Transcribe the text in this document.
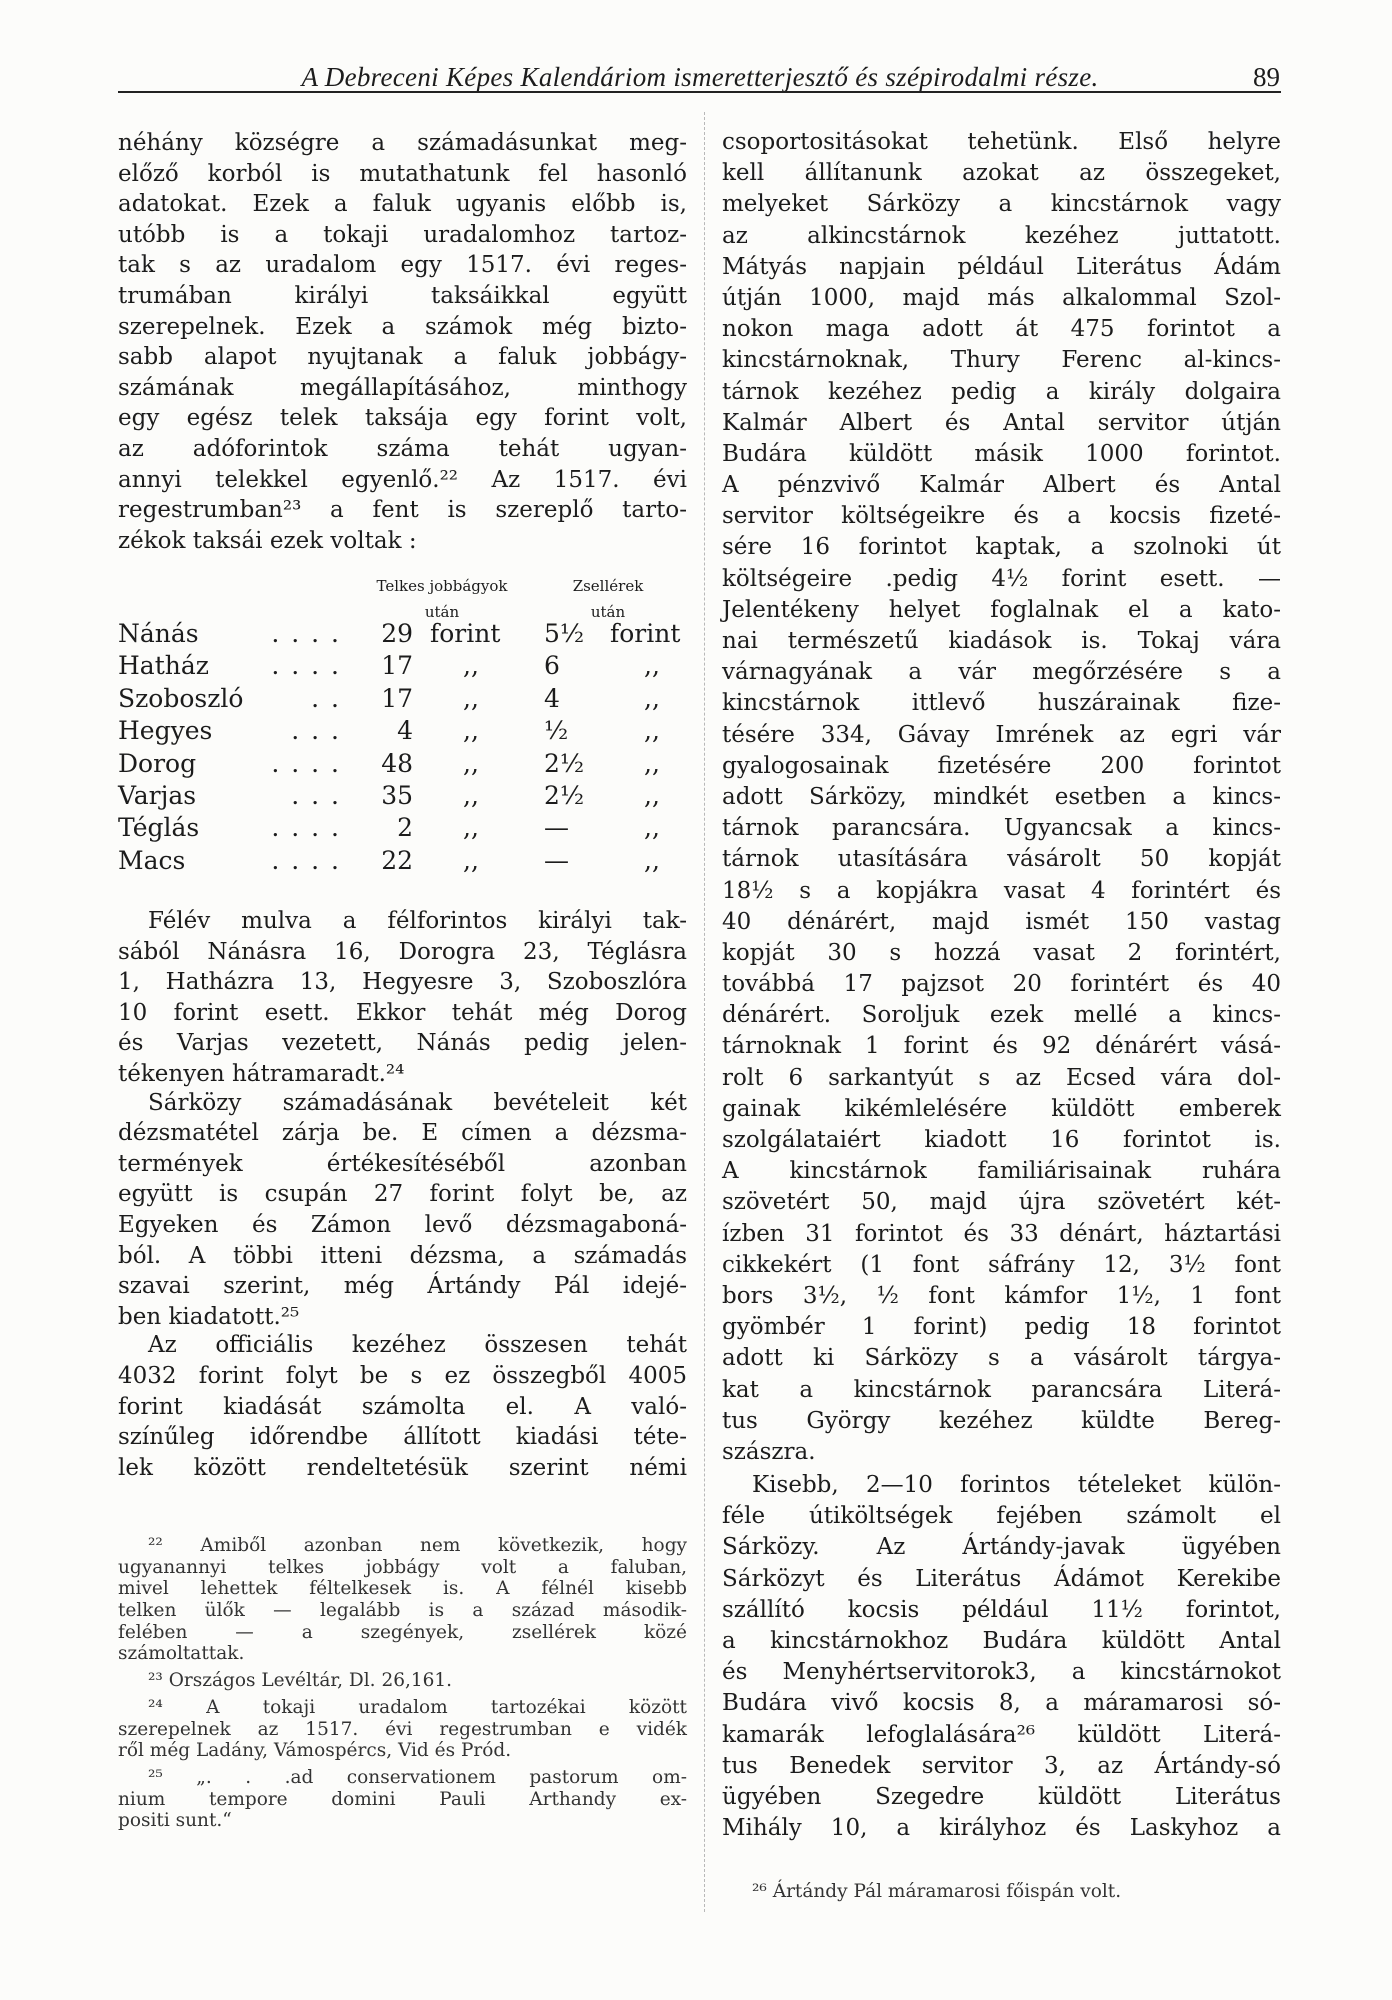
A Debreceni Képes Kalendáriom ismeretterjesztő és szépirodalmi része.	89
néhány községre a számadásunkat meg-
előző korból is mutathatunk fel hasonló
adatokat. Ezek a faluk ugyanis előbb is,
utóbb is a tokaji uradalomhoz tartoz-
tak s az uradalom egy 1517. évi reges-
trumában királyi taksáikkal együtt
szerepelnek. Ezek a számok még bizto-
sabb alapot nyujtanak a faluk jobbágy-
számának megállapításához, minthogy
egy egész telek taksája egy forint volt,
az adóforintok száma tehát ugyan-
annyi telekkel egyenlő.²² Az 1517. évi
regestrumban²³ a fent is szereplő tarto-
zékok taksái ezek voltak :
Telkes jobbágyok
után
Zsellérek
után
Nánás	. . . . 29 forint 5½ forint
Hatház . . . . 17 ,,	6	,,
Szoboszló	. . 17 ,,	4	,,
Hegyes	. . . 4 ,,	½	,,
Dorog	. . . . 48 ,,	2½ ,,
Varjas	. . . 35 ,,	2½ ,,
Téglás	. . . . 2 ,,	—	,,
Macs	. . . . 22 ,,	—	,,
Félév mulva a félforintos királyi tak-
sából Nánásra 16, Dorogra 23, Téglásra
1, Hatházra 13, Hegyesre 3, Szoboszlóra
10 forint esett. Ekkor tehát még Dorog
és Varjas vezetett, Nánás pedig jelen-
tékenyen hátramaradt.²⁴
Sárközy számadásának bevételeit két
dézsmatétel zárja be. E címen a dézsma-
termények értékesítéséből azonban
együtt is csupán 27 forint folyt be, az
Egyeken és Zámon levő dézsmagaboná-
ból. A többi itteni dézsma, a számadás
szavai szerint, még Ártándy Pál idejé-
ben kiadatott.²⁵
Az officiális kezéhez összesen tehát
4032 forint folyt be s ez összegből 4005
forint kiadását számolta el. A való-
színűleg időrendbe állított kiadási téte-
lek között rendeltetésük szerint némi
²² Amiből azonban nem következik, hogy
ugyanannyi telkes jobbágy volt a faluban,
mivel lehettek féltelkesek is. A félnél kisebb
telken ülők — legalább is a század második-
felében — a szegények, zsellérek közé
számoltattak.
²³ Országos Levéltár, Dl. 26,161.
²⁴ A tokaji uradalom tartozékai között
szerepelnek az 1517. évi regestrumban e vidék
ről még Ladány, Vámospércs, Vid és Pród.
²⁵ „. . .ad conservationem pastorum om-
nium tempore domini Pauli Arthandy ex-
positi sunt.“
csoportositásokat tehetünk. Első helyre
kell állítanunk azokat az összegeket,
melyeket Sárközy a kincstárnok vagy
az alkincstárnok kezéhez juttatott.
Mátyás napjain például Literátus Ádám
útján 1000, majd más alkalommal Szol-
nokon maga adott át 475 forintot a
kincstárnoknak, Thury Ferenc al-kincs-
tárnok kezéhez pedig a király dolgaira
Kalmár Albert és Antal servitor útján
Budára küldött másik 1000 forintot.
A pénzvivő Kalmár Albert és Antal
servitor költségeikre és a kocsis fizeté-
sére 16 forintot kaptak, a szolnoki út
költségeire .pedig 4½ forint esett. —
Jelentékeny helyet foglalnak el a kato-
nai természetű kiadások is. Tokaj vára
várnagyának a vár megőrzésére s a
kincstárnok ittlevő huszárainak fize-
tésére 334, Gávay Imrének az egri vár
gyalogosainak fizetésére 200 forintot
adott Sárközy, mindkét esetben a kincs-
tárnok parancsára. Ugyancsak a kincs-
tárnok utasítására vásárolt 50 kopját
18½ s a kopjákra vasat 4 forintért és
40 dénárért, majd ismét 150 vastag
kopját 30 s hozzá vasat 2 forintért,
továbbá 17 pajzsot 20 forintért és 40
dénárért. Soroljuk ezek mellé a kincs-
tárnoknak 1 forint és 92 dénárért vásá-
rolt 6 sarkantyút s az Ecsed vára dol-
gainak kikémlelésére küldött emberek
szolgálataiért kiadott 16 forintot is.
A kincstárnok familiárisainak ruhára
szövetért 50, majd újra szövetért két-
ízben 31 forintot és 33 dénárt, háztartási
cikkekért (1 font sáfrány 12, 3½ font
bors 3½, ½ font kámfor 1½, 1 font
gyömbér 1 forint) pedig 18 forintot
adott ki Sárközy s a vásárolt tárgya-
kat a kincstárnok parancsára Literá-
tus György kezéhez küldte Bereg-
szászra.
Kisebb, 2—10 forintos tételeket külön-
féle útiköltségek fejében számolt el
Sárközy. Az Ártándy-javak ügyében
Sárközyt és Literátus Ádámot Kerekibe
szállító kocsis például 11½ forintot,
a kincstárnokhoz Budára küldött Antal
és Menyhértservitorok3, a kincstárnokot
Budára vivő kocsis 8, a máramarosi só-
kamarák lefoglalására²⁶ küldött Literá-
tus Benedek servitor 3, az Ártándy-só
ügyében Szegedre küldött Literátus
Mihály 10, a királyhoz és Laskyhoz a
²⁶ Ártándy Pál máramarosi főispán volt.
